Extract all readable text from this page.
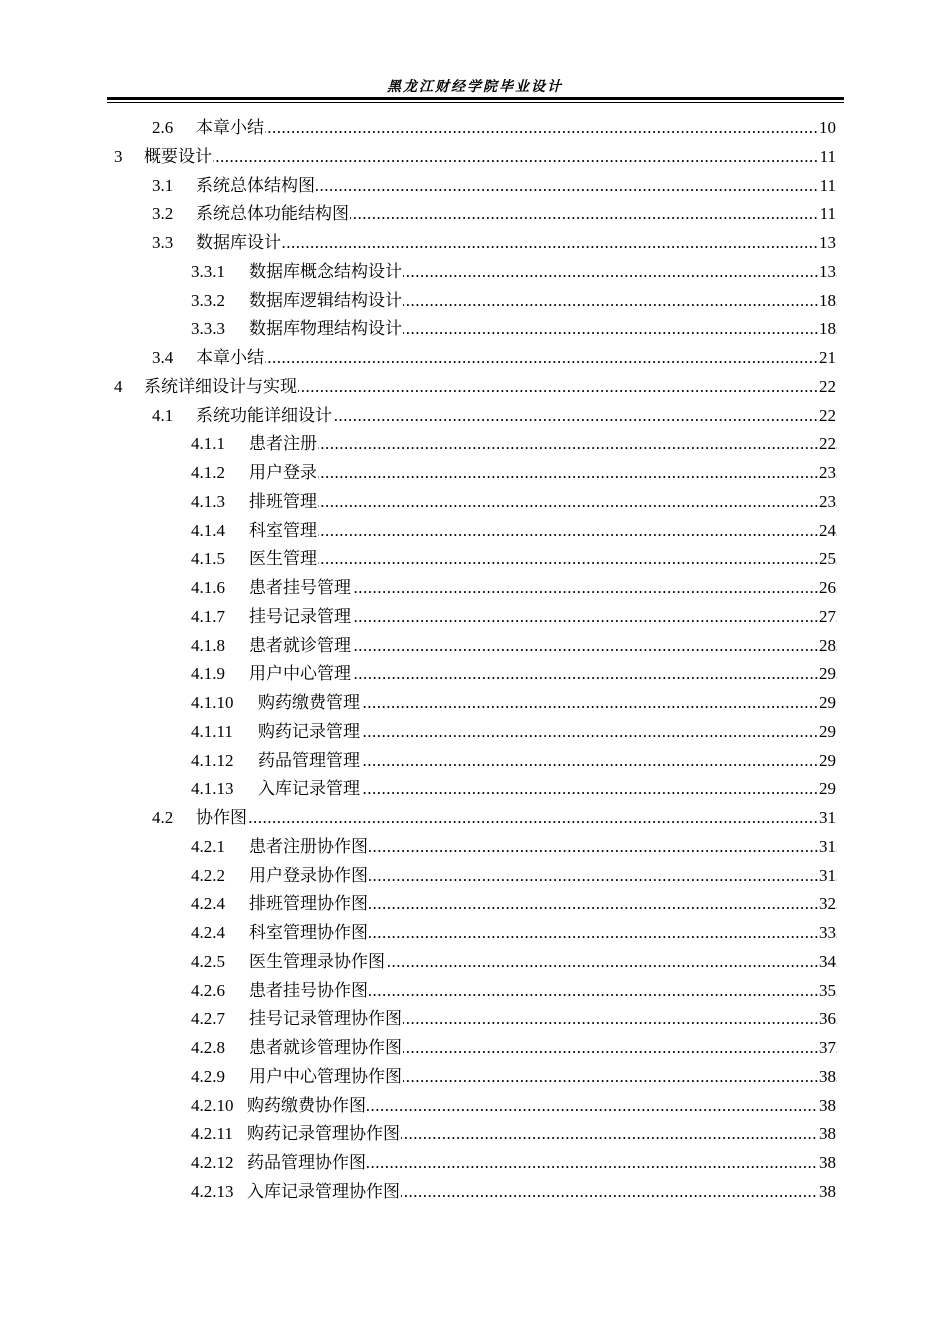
黑龙江财经学院毕业设计
2.6 ..... 本章小结	10
3 ..... 概要设计	11
3.1 ..... 系统总体结构图	11
3.2 ..... 系统总体功能结构图	11
3.3 ..... 数据库设计	13
3.3.1 ..... 数据库概念结构设计	13
3.3.2 ..... 数据库逻辑结构设计	18
3.3.3 ..... 数据库物理结构设计	18
3.4 ..... 本章小结	21
4 ..... 系统详细设计与实现	22
4.1 ..... 系统功能详细设计	22
4.1.1 ..... 患者注册	22
4.1.2 ..... 用户登录	23
4.1.3 ..... 排班管理	23
4.1.4 ..... 科室管理	24
4.1.5 ..... 医生管理	25
4.1.6 ..... 患者挂号管理	26
4.1.7 ..... 挂号记录管理	27
4.1.8 ..... 患者就诊管理	28
4.1.9 ..... 用户中心管理	29
4.1.10 ..... 购药缴费管理	29
4.1.11 ..... 购药记录管理	29
4.1.12 ..... 药品管理管理	29
4.1.13 ..... 入库记录管理	29
4.2 ..... 协作图	31
4.2.1 ..... 患者注册协作图	31
4.2.2 ..... 用户登录协作图	31
4.2.4 ..... 排班管理协作图	32
4.2.4 ..... 科室管理协作图	33
4.2.5 ..... 医生管理录协作图	34
4.2.6 ..... 患者挂号协作图	35
4.2.7 ..... 挂号记录管理协作图	36
4.2.8 ..... 患者就诊管理协作图	37
4.2.9 ..... 用户中心管理协作图	38
4.2.10 ..... 购药缴费协作图	38
4.2.11 ..... 购药记录管理协作图	38
4.2.12 ..... 药品管理协作图	38
4.2.13 ..... 入库记录管理协作图	38
